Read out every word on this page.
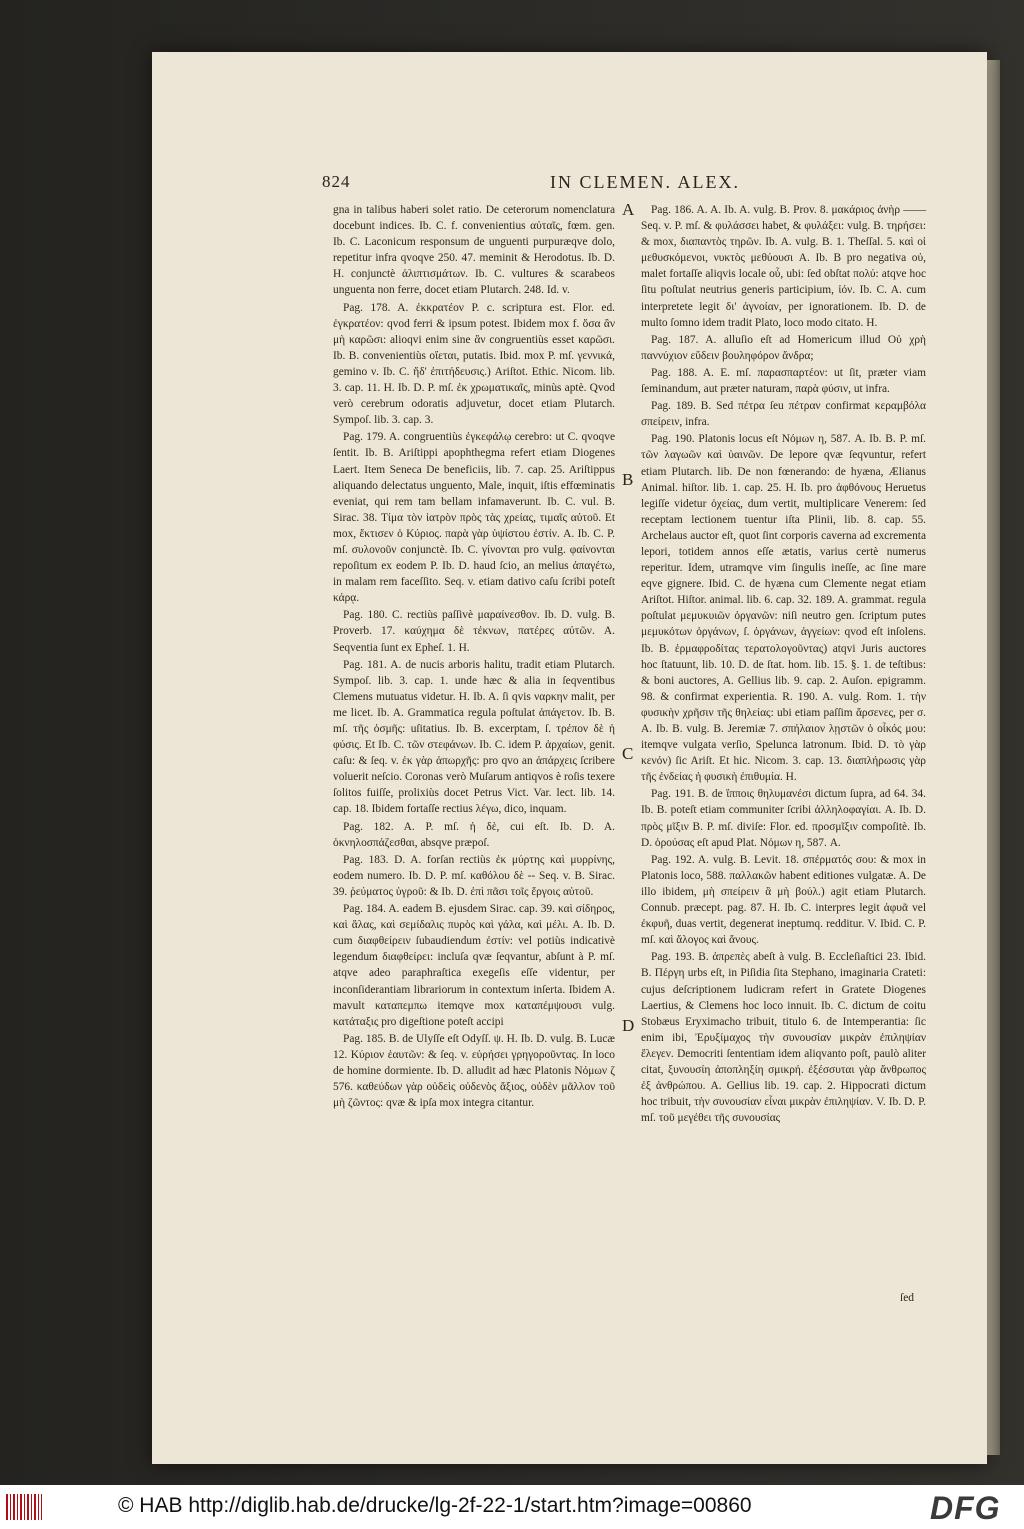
824	IN CLEMEN. ALEX.
A
B
C
D

gna in talibus haberi solet ratio. De ceterorum nomenclatura docebunt indices. Ib. C. f. convenientius αὐταῖς, fœm. gen. Ib. C. Laconicum responsum de unguenti purpuræqve dolo, repetitur infra qvoqve 250. 47. meminit & Herodotus. Ib. D. H. conjunctè ἀλιπτισμάτων. Ib. C. vultures & scarabeos unguenta non ferre, docet etiam Plutarch. 248. Id. v.

Pag. 178. A. ἐκκρατέον P. c. scriptura est. Flor. ed. ἐγκρατέον: qvod ferri & ipsum potest. Ibidem mox f. ὅσα ἂν μὴ καρῶσι: alioqvi enim sine ἂν congruentiùs esset καρῶσι. Ib. B. convenientiùs οἴεται, putatis. Ibid. mox P. mſ. γεννικά, gemino ν. Ib. C. ἤδ' ἐπιτήδευσις.) Ariſtot. Ethic. Nicom. lib. 3. cap. 11. H. Ib. D. P. mſ. ἐκ χρωματικαῖς, minùs aptè. Qvod verò cerebrum odoratis adjuvetur, docet etiam Plutarch. Sympoſ. lib. 3. cap. 3.

Pag. 179. A. congruentiùs ἐγκεφάλῳ cerebro: ut C. qvoqve ſentit. Ib. B. Ariſtippi apophthegma refert etiam Diogenes Laert. Item Seneca De beneficiis, lib. 7. cap. 25. Ariſtippus aliquando delectatus unguento, Male, inquit, iſtis effœminatis eveniat, qui rem tam bellam infamaverunt. Ib. C. vul. B. Sirac. 38. Τίμα τὸν ἰατρὸν πρὸς τὰς χρείας, τιμαῖς αὐτοῦ. Et mox, ἔκτισεν ὁ Κύριος. παρὰ γὰρ ὑψίστου ἐστίν. A. Ib. C. P. mſ. συλονοῦν conjunctè. Ib. C. γίνονται pro vulg. φαίνονται repoſitum ex eodem P. Ib. D. haud ſcio, an melius ἀπαγέτω, in malam rem faceſſito. Seq. v. etiam dativo caſu ſcribi poteſt κάρᾳ.

Pag. 180. C. rectiùs paſſivè μαραίνεσθον. Ib. D. vulg. B. Proverb. 17. καύχημα δὲ τέκνων, πατέρες αὐτῶν. A. Seqventia ſunt ex Epheſ. 1. H.

Pag. 181. A. de nucis arboris halitu, tradit etiam Plutarch. Sympoſ. lib. 3. cap. 1. unde hæc & alia in ſeqventibus Clemens mutuatus videtur. H. Ib. A. ſi qvis ναρκην malit, per me licet. Ib. A. Grammatica regula poſtulat ἀπάγετον. Ib. B. mſ. τῆς ὀσμῆς: uſitatius. Ib. B. excerptam, ſ. τρέπον δὲ ἡ φύσις. Et Ib. C. τῶν στεφάνων. Ib. C. idem P. ἀρχαίων, genit. caſu: & ſeq. v. ἐκ γὰρ ἀπωρχῆς: pro qvo an ἀπάρχεις ſcribere voluerit neſcio. Coronas verò Muſarum antiqvos è roſis texere ſolitos fuiſſe, prolixiùs docet Petrus Vict. Var. lect. lib. 14. cap. 18. Ibidem fortaſſe rectius λέγω, dico, inquam.

Pag. 182. A. P. mſ. ἡ δὲ, cui eſt. Ib. D. A. ὀκνηλοσπάζεσθαι, absqve præpoſ.

Pag. 183. D. A. forſan rectiùs ἐκ μύρτης καὶ μυρρίνης, eodem numero. Ib. D. P. mſ. καθόλου δὲ -- Seq. v. B. Sirac. 39. ῥεύματος ὑγροῦ: & Ib. D. ἐπὶ πᾶσι τοῖς ἔργοις αὐτοῦ.

Pag. 184. A. eadem B. ejusdem Sirac. cap. 39. καὶ σίδηρος, καὶ ἅλας, καὶ σεμίδαλις πυρὸς καὶ γάλα, καὶ μέλι. A. Ib. D. cum διαφθείρειν ſubaudiendum ἐστίν: vel potiùs indicativè legendum διαφθείρει: incluſa qvæ ſeqvantur, abſunt à P. mſ. atqve adeo paraphraſtica exegeſis eſſe videntur, per inconſiderantiam librariorum in contextum inſerta. Ibidem A. mavult καταπεμπω itemqve mox καταπέμψουσι vulg. κατάταξις pro digeſtione poteſt accipi

Pag. 185. B. de Ulyſſe eſt Odyſſ. ψ. H. Ib. D. vulg. B. Lucæ 12. Κύριον ἑαυτῶν: & ſeq. v. εὑρήσει γρηγοροῦντας. In loco de homine dormiente. Ib. D. alludit ad hæc Platonis Νόμων ζ 576. καθεύδων γὰρ οὐδεὶς οὐδενὸς ἄξιος, οὐδὲν μᾶλλον τοῦ μὴ ζῶντος: qvæ & ipſa mox integra citantur.

Pag. 186. A. A. Ib. A. vulg. B. Prov. 8. μακάριος ἀνὴρ —— Seq. v. P. mſ. & φυλάσσει habet, & φυλάξει: vulg. B. τηρήσει: & mox, διαπαντὸς τηρῶν. Ib. A. vulg. B. 1. Theſſal. 5. καὶ οἱ μεθυσκόμενοι, νυκτὸς μεθύουσι A. Ib. B pro negativa οὐ, malet fortaſſe aliqvis locale οὗ, ubi: ſed obſtat πολύ: atqve hoc ſitu poſtulat neutrius generis participium, ἰόν. Ib. C. A. cum interpretete legit δι' ἀγνοίαν, per ignorationem. Ib. D. de multo ſomno idem tradit Plato, loco modo citato. H.

Pag. 187. A. alluſio eſt ad Homericum illud Οὐ χρὴ παννύχιον εὕδειν βουληφόρον ἄνδρα;

Pag. 188. A. E. mſ. παρασπαρτέον: ut ſit, præter viam ſeminandum, aut præter naturam, παρὰ φύσιν, ut infra.

Pag. 189. B. Sed πέτρα ſeu πέτραν confirmat κεραμβόλα σπείρειν, infra.

Pag. 190. Platonis locus eſt Νόμων η, 587. A. Ib. B. P. mſ. τῶν λαγωῶν καὶ ὑαινῶν. De lepore qvæ ſeqvuntur, refert etiam Plutarch. lib. De non fœnerando: de hyæna, Ælianus Animal. hiſtor. lib. 1. cap. 25. H. Ib. pro ἀφθόνους Heruetus legiſſe videtur ὀχείας, dum vertit, multiplicare Venerem: ſed receptam lectionem tuentur iſta Plinii, lib. 8. cap. 55. Archelaus auctor eſt, quot ſint corporis caverna ad excrementa lepori, totidem annos eſſe ætatis, varius certè numerus reperitur. Idem, utramqve vim ſingulis ineſſe, ac ſine mare eqve gignere. Ibid. C. de hyæna cum Clemente negat etiam Ariſtot. Hiſtor. animal. lib. 6. cap. 32. 189. A. grammat. regula poſtulat μεμυκυιῶν ὀργανῶν: niſi neutro gen. ſcriptum putes μεμυκότων ὀργάνων, ſ. ὀργάνων, ἀγγείων: qvod eſt inſolens. Ib. B. ἑρμαφροδίτας τερατολογοῦντας) atqvi Juris auctores hoc ſtatuunt, lib. 10. D. de ſtat. hom. lib. 15. §. 1. de teſtibus: & boni auctores, A. Gellius lib. 9. cap. 2. Auſon. epigramm. 98. & confirmat experientia. R. 190. A. vulg. Rom. 1. τὴν φυσικὴν χρῆσιν τῆς θηλείας: ubi etiam paſſim ἄρσενες, per σ. A. Ib. B. vulg. B. Jeremiæ 7. σπήλαιον λῃστῶν ὁ οἶκός μου: itemqve vulgata verſio, Spelunca latronum. Ibid. D. τὸ γὰρ κενόν) ſic Ariſt. Et hic. Nicom. 3. cap. 13. διαπλήρωσις γὰρ τῆς ἐνδείας ἡ φυσικὴ ἐπιθυμία. H.

Pag. 191. B. de ἵπποις θηλυμανέσι dictum ſupra, ad 64. 34. Ib. B. poteſt etiam communiter ſcribi ἀλληλοφαγίαι. A. Ib. D. πρὸς μῖξιν B. P. mſ. diviſe: Flor. ed. προσμῖξιν compoſitè. Ib. D. ὀρούσας eſt apud Plat. Νόμων η, 587. A.

Pag. 192. A. vulg. B. Levit. 18. σπέρματός σου: & mox in Platonis loco, 588. παλλακῶν habent editiones vulgatæ. A. De illo ibidem, μὴ σπείρειν ἃ μὴ βούλ.) agit etiam Plutarch. Connub. præcept. pag. 87. H. Ib. C. interpres legit ἀφυᾶ vel ἐκφυῆ, duas vertit, degenerat ineptumq. redditur. V. Ibid. C. P. mſ. καὶ ἄλογος καὶ ἄνους.

Pag. 193. B. ἀπρεπὲς abeſt à vulg. B. Eccleſiaſtici 23. Ibid. B. Πέργη urbs eſt, in Piſidia ſita Stephano, imaginaria Crateti: cujus deſcriptionem ludicram refert in Gratete Diogenes Laertius, & Clemens hoc loco innuit. Ib. C. dictum de coitu Stobæus Eryximacho tribuit, titulo 6. de Intemperantia: ſic enim ibi, Ἐρυξίμαχος τὴν συνουσίαν μικρὰν ἐπιληψίαν ἔλεγεν. Democriti ſententiam idem aliqvanto poſt, paulò aliter citat, ξυνουσίη ἀποπληξίη σμικρή. ἐξέσσυται γὰρ ἄνθρωπος ἐξ ἀνθρώπου. A. Gellius lib. 19. cap. 2. Hippocrati dictum hoc tribuit, τὴν συνουσίαν εἶναι μικρὰν ἐπιληψίαν. V. Ib. D. P. mſ. τοῦ μεγέθει τῆς συνουσίας

ſed
© HAB http://diglib.hab.de/drucke/lg-2f-22-1/start.htm?image=00860	DFG
